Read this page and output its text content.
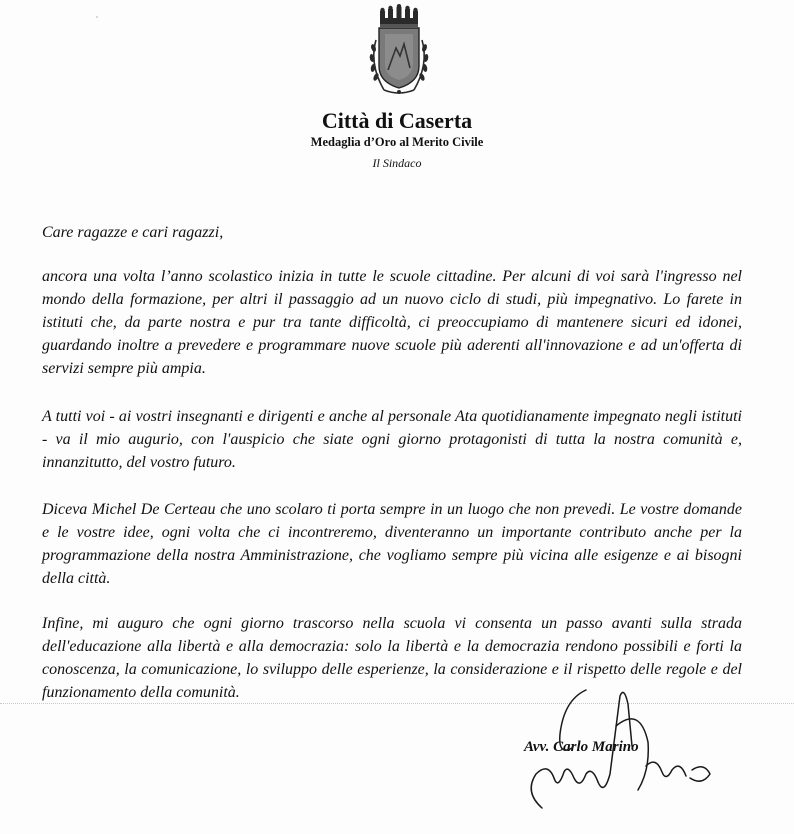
Città di Caserta
Medaglia d’Oro al Merito Civile
Il Sindaco

Care ragazze e cari ragazzi,

ancora una volta l’anno scolastico inizia in tutte le scuole cittadine. Per alcuni di voi sarà l'ingresso nel mondo della formazione, per altri il passaggio ad un nuovo ciclo di studi, più impegnativo. Lo farete in istituti che, da parte nostra e pur tra tante difficoltà, ci preoccupiamo di mantenere sicuri ed idonei, guardando inoltre a prevedere e programmare nuove scuole più aderenti all'innovazione e ad un'offerta di servizi sempre più ampia.

A tutti voi - ai vostri insegnanti e dirigenti e anche al personale Ata quotidianamente impegnato negli istituti - va il mio augurio, con l'auspicio che siate ogni giorno protagonisti di tutta la nostra comunità e, innanzitutto, del vostro futuro.

Diceva Michel De Certeau che uno scolaro ti porta sempre in un luogo che non prevedi. Le vostre domande e le vostre idee, ogni volta che ci incontreremo, diventeranno un importante contributo anche per la programmazione della nostra Amministrazione, che vogliamo sempre più vicina alle esigenze e ai bisogni della città.

Infine, mi auguro che ogni giorno trascorso nella scuola vi consenta un passo avanti sulla strada dell'educazione alla libertà e alla democrazia: solo la libertà e la democrazia rendono possibili e forti la conoscenza, la comunicazione, lo sviluppo delle esperienze, la considerazione e il rispetto delle regole e del funzionamento della comunità.

Avv. Carlo Marino
